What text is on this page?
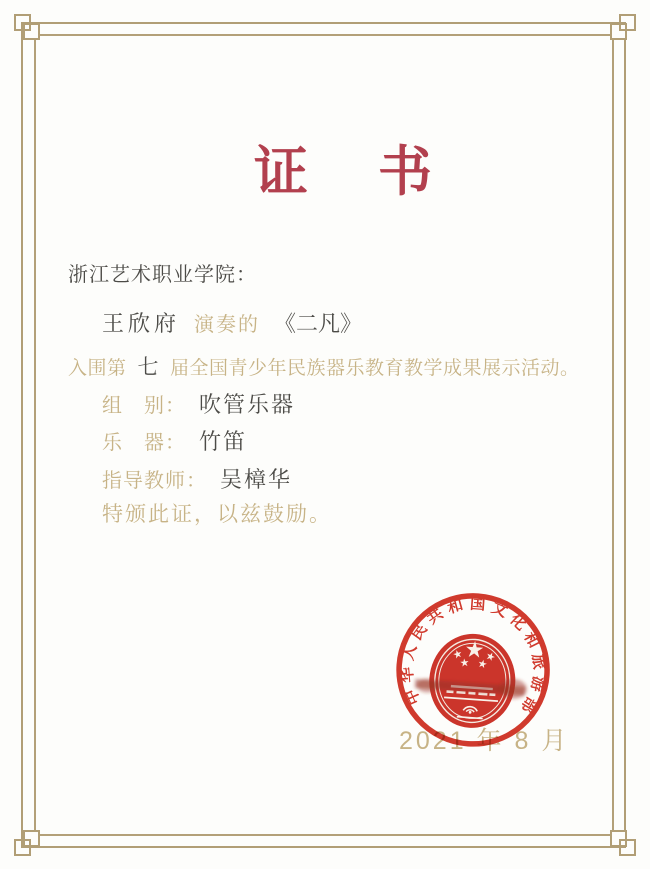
证 书
浙江艺术职业学院：
王欣府 演奏的 《二凡》
入围第 七 届全国青少年民族器乐教育教学成果展示活动。
组　别： 吹管乐器
乐　器： 竹笛
指导教师： 吴樟华
特颁此证，以兹鼓励。
2021 年 8 月
中
华
人
民
共 和 国 文
化
和
旅
游
部
